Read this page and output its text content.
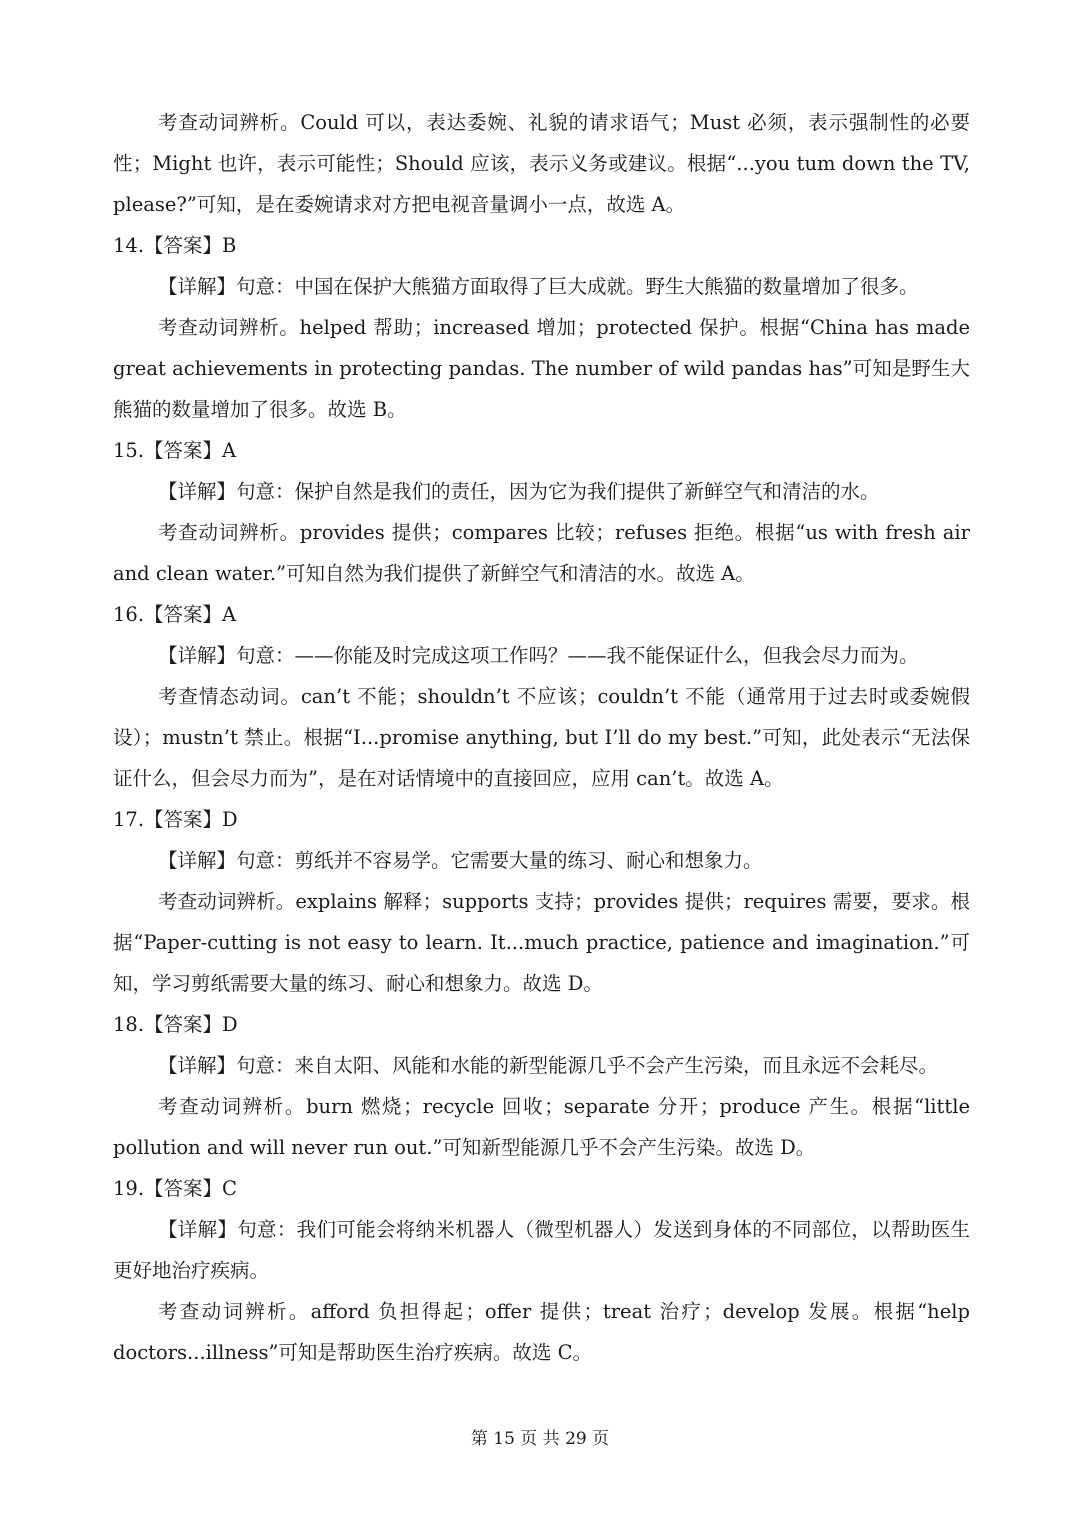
考查动词辨析。Could 可以，表达委婉、礼貌的请求语气；Must 必须，表示强制性的必要性；Might 也许，表示可能性；Should 应该，表示义务或建议。根据“...you tum down the TV, please?”可知，是在委婉请求对方把电视音量调小一点，故选 A。

14.【答案】B

【详解】句意：中国在保护大熊猫方面取得了巨大成就。野生大熊猫的数量增加了很多。

考查动词辨析。helped 帮助；increased 增加；protected 保护。根据“China has made great achievements in protecting pandas. The number of wild pandas has”可知是野生大熊猫的数量增加了很多。故选 B。

15.【答案】A

【详解】句意：保护自然是我们的责任，因为它为我们提供了新鲜空气和清洁的水。

考查动词辨析。provides 提供；compares 比较；refuses 拒绝。根据“us with fresh air and clean water.”可知自然为我们提供了新鲜空气和清洁的水。故选 A。

16.【答案】A

【详解】句意：——你能及时完成这项工作吗？——我不能保证什么，但我会尽力而为。

考查情态动词。can’t 不能；shouldn’t 不应该；couldn’t 不能（通常用于过去时或委婉假设）；mustn’t 禁止。根据“I...promise anything, but I’ll do my best.”可知，此处表示“无法保证什么，但会尽力而为”，是在对话情境中的直接回应，应用 can’t。故选 A。

17.【答案】D

【详解】句意：剪纸并不容易学。它需要大量的练习、耐心和想象力。

考查动词辨析。explains 解释；supports 支持；provides 提供；requires 需要，要求。根据“Paper-cutting is not easy to learn. It...much practice, patience and imagination.”可知，学习剪纸需要大量的练习、耐心和想象力。故选 D。

18.【答案】D

【详解】句意：来自太阳、风能和水能的新型能源几乎不会产生污染，而且永远不会耗尽。

考查动词辨析。burn 燃烧；recycle 回收；separate 分开；produce 产生。根据“little pollution and will never run out.”可知新型能源几乎不会产生污染。故选 D。

19.【答案】C

【详解】句意：我们可能会将纳米机器人（微型机器人）发送到身体的不同部位，以帮助医生更好地治疗疾病。

考查动词辨析。afford 负担得起；offer 提供；treat 治疗；develop 发展。根据“help doctors...illness”可知是帮助医生治疗疾病。故选 C。

第 15 页 共 29 页
